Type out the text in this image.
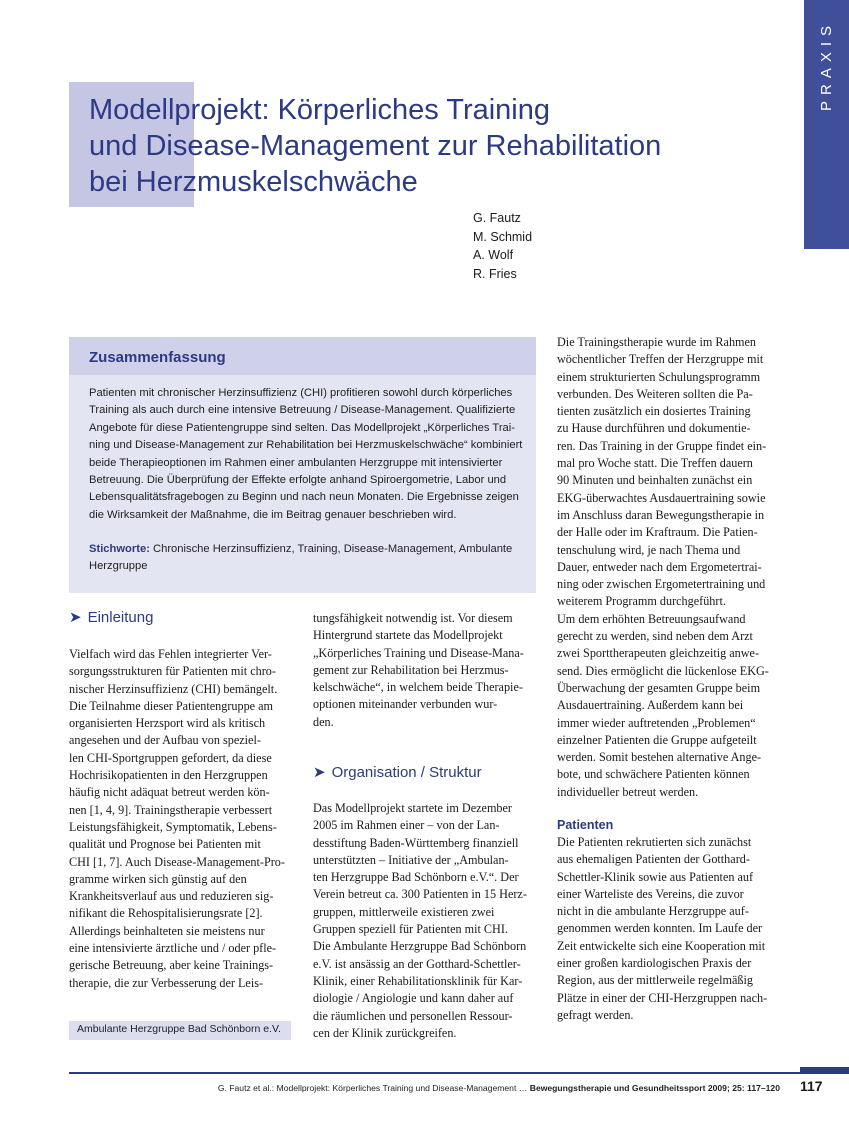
PRAXIS
Modellprojekt: Körperliches Training
und Disease-Management zur Rehabilitation
bei Herzmuskelschwäche
G. Fautz
M. Schmid
A. Wolf
R. Fries
Zusammenfassung
Patienten mit chronischer Herzinsuffizienz (CHI) profitieren sowohl durch körperliches
Training als auch durch eine intensive Betreuung / Disease-Management. Qualifizierte
Angebote für diese Patientengruppe sind selten. Das Modellprojekt „Körperliches Trai-
ning und Disease-Management zur Rehabilitation bei Herzmuskelschwäche“ kombiniert
beide Therapieoptionen im Rahmen einer ambulanten Herzgruppe mit intensivierter
Betreuung. Die Überprüfung der Effekte erfolgte anhand Spiroergometrie, Labor und
Lebensqualitätsfragebogen zu Beginn und nach neun Monaten. Die Ergebnisse zeigen
die Wirksamkeit der Maßnahme, die im Beitrag genauer beschrieben wird.
Stichworte: Chronische Herzinsuffizienz, Training, Disease-Management, Ambulante
Herzgruppe
➤ Einleitung
Vielfach wird das Fehlen integrierter Ver-
sorgungsstrukturen für Patienten mit chro-
nischer Herzinsuffizienz (CHI) bemängelt.
Die Teilnahme dieser Patientengruppe am
organisierten Herzsport wird als kritisch
angesehen und der Aufbau von speziel-
len CHI-Sportgruppen gefordert, da diese
Hochrisikopatienten in den Herzgruppen
häufig nicht adäquat betreut werden kön-
nen [1, 4, 9]. Trainingstherapie verbessert
Leistungsfähigkeit, Symptomatik, Lebens-
qualität und Prognose bei Patienten mit
CHI [1, 7]. Auch Disease-Management-Pro-
gramme wirken sich günstig auf den
Krankheitsverlauf aus und reduzieren sig-
nifikant die Rehospitalisierungsrate [2].
Allerdings beinhalteten sie meistens nur
eine intensivierte ärztliche und / oder pfle-
gerische Betreuung, aber keine Trainings-
therapie, die zur Verbesserung der Leis-
Ambulante Herzgruppe Bad Schönborn e.V.
tungsfähigkeit notwendig ist. Vor diesem
Hintergrund startete das Modellprojekt
„Körperliches Training und Disease-Mana-
gement zur Rehabilitation bei Herzmus-
kelschwäche“, in welchem beide Therapie-
optionen miteinander verbunden wur-
den.
➤ Organisation / Struktur
Das Modellprojekt startete im Dezember
2005 im Rahmen einer – von der Lan-
desstiftung Baden-Württemberg finanziell
unterstützten – Initiative der „Ambulan-
ten Herzgruppe Bad Schönborn e.V.“. Der
Verein betreut ca. 300 Patienten in 15 Herz-
gruppen, mittlerweile existieren zwei
Gruppen speziell für Patienten mit CHI.
Die Ambulante Herzgruppe Bad Schönborn
e.V. ist ansässig an der Gotthard-Schettler-
Klinik, einer Rehabilitationsklinik für Kar-
diologie / Angiologie und kann daher auf
die räumlichen und personellen Ressour-
cen der Klinik zurückgreifen.
Die Trainingstherapie wurde im Rahmen
wöchentlicher Treffen der Herzgruppe mit
einem strukturierten Schulungsprogramm
verbunden. Des Weiteren sollten die Pa-
tienten zusätzlich ein dosiertes Training
zu Hause durchführen und dokumentie-
ren. Das Training in der Gruppe findet ein-
mal pro Woche statt. Die Treffen dauern
90 Minuten und beinhalten zunächst ein
EKG-überwachtes Ausdauertraining sowie
im Anschluss daran Bewegungstherapie in
der Halle oder im Kraftraum. Die Patien-
tenschulung wird, je nach Thema und
Dauer, entweder nach dem Ergometertrai-
ning oder zwischen Ergometertraining und
weiterem Programm durchgeführt.
Um dem erhöhten Betreuungsaufwand
gerecht zu werden, sind neben dem Arzt
zwei Sporttherapeuten gleichzeitig anwe-
send. Dies ermöglicht die lückenlose EKG-
Überwachung der gesamten Gruppe beim
Ausdauertraining. Außerdem kann bei
immer wieder auftretenden „Problemen“
einzelner Patienten die Gruppe aufgeteilt
werden. Somit bestehen alternative Ange-
bote, und schwächere Patienten können
individueller betreut werden.
Patienten
Die Patienten rekrutierten sich zunächst
aus ehemaligen Patienten der Gotthard-
Schettler-Klinik sowie aus Patienten auf
einer Warteliste des Vereins, die zuvor
nicht in die ambulante Herzgruppe auf-
genommen werden konnten. Im Laufe der
Zeit entwickelte sich eine Kooperation mit
einer großen kardiologischen Praxis der
Region, aus der mittlerweile regelmäßig
Plätze in einer der CHI-Herzgruppen nach-
gefragt werden.
G. Fautz et al.: Modellprojekt: Körperliches Training und Disease-Management … Bewegungstherapie und Gesundheitssport 2009; 25: 117–120 117
